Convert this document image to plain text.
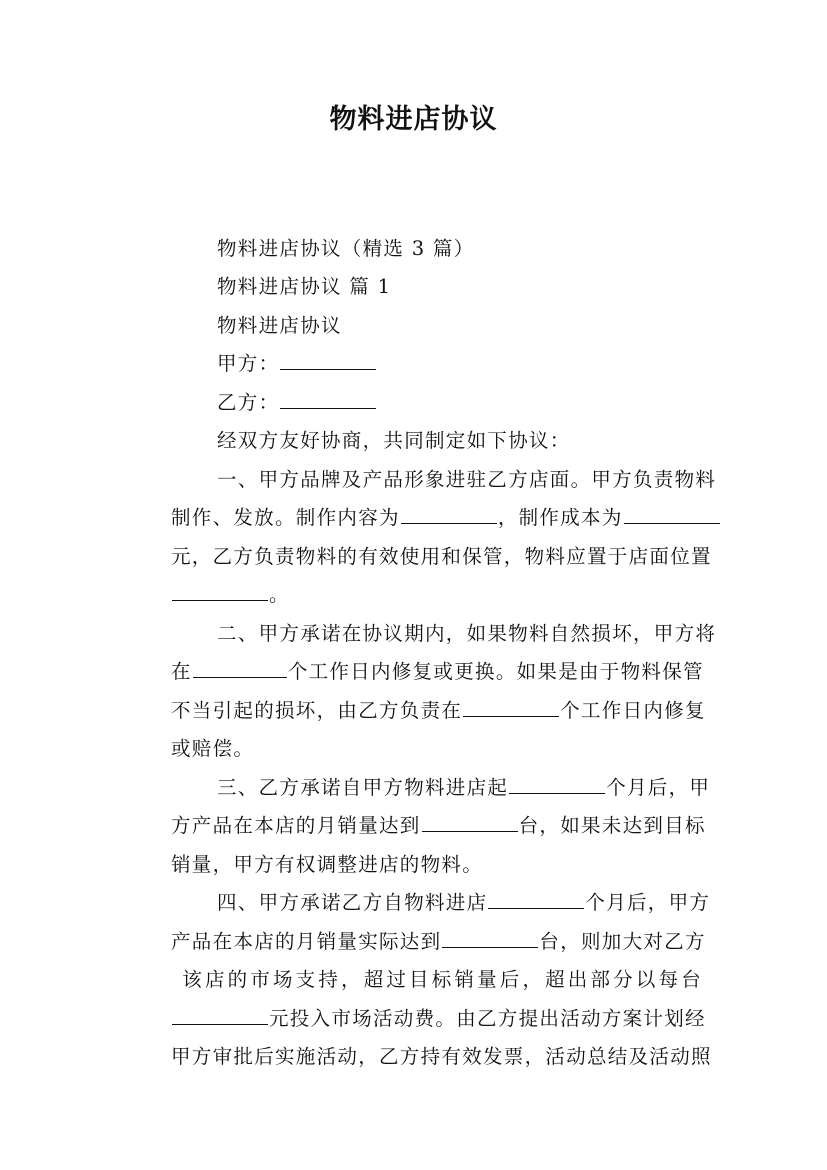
物料进店协议

物料进店协议（精选 3 篇）

物料进店协议 篇 1

物料进店协议

甲方：

乙方：

经双方友好协商，共同制定如下协议：

一、甲方品牌及产品形象进驻乙方店面。甲方负责物料

制作、发放。制作内容为	，制作成本为

元，乙方负责物料的有效使用和保管，物料应置于店面位置

。

二、甲方承诺在协议期内，如果物料自然损坏，甲方将

在	个工作日内修复或更换。如果是由于物料保管

不当引起的损坏，由乙方负责在	个工作日内修复

或赔偿。

三、乙方承诺自甲方物料进店起	个月后，甲

方产品在本店的月销量达到	台，如果未达到目标

销量，甲方有权调整进店的物料。

四、甲方承诺乙方自物料进店	个月后，甲方

产品在本店的月销量实际达到	台，则加大对乙方

该店的市场支持，超过目标销量后，超出部分以每台

元投入市场活动费。由乙方提出活动方案计划经

甲方审批后实施活动，乙方持有效发票，活动总结及活动照
